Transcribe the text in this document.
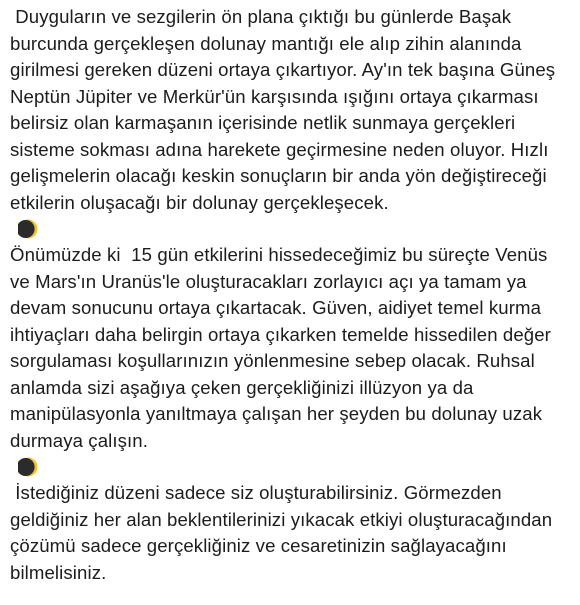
Duyguların ve sezgilerin ön plana çıktığı bu günlerde Başak burcunda gerçekleşen dolunay mantığı ele alıp zihin alanında girilmesi gereken düzeni ortaya çıkartıyor. Ay'ın tek başına Güneş Neptün Jüpiter ve Merkür'ün karşısında ışığını ortaya çıkarması belirsiz olan karmaşanın içerisinde netlik sunmaya gerçekleri sisteme sokması adına harekete geçirmesine neden oluyor. Hızlı gelişmelerin olacağı keskin sonuçların bir anda yön değiştireceği etkilerin oluşacağı bir dolunay gerçekleşecek.

Önümüzde ki  15 gün etkilerini hissedeceğimiz bu süreçte Venüs ve Mars'ın Uranüs'le oluşturacakları zorlayıcı açı ya tamam ya devam sonucunu ortaya çıkartacak. Güven, aidiyet temel kurma ihtiyaçları daha belirgin ortaya çıkarken temelde hissedilen değer sorgulaması koşullarınızın yönlenmesine sebep olacak. Ruhsal anlamda sizi aşağıya çeken gerçekliğinizi illüzyon ya da manipülasyonla yanıltmaya çalışan her şeyden bu dolunay uzak durmaya çalışın.

İstediğiniz düzeni sadece siz oluşturabilirsiniz. Görmezden geldiğiniz her alan beklentilerinizi yıkacak etkiyi oluşturacağından çözümü sadece gerçekliğiniz ve cesaretinizin sağlayacağını bilmelisiniz.
